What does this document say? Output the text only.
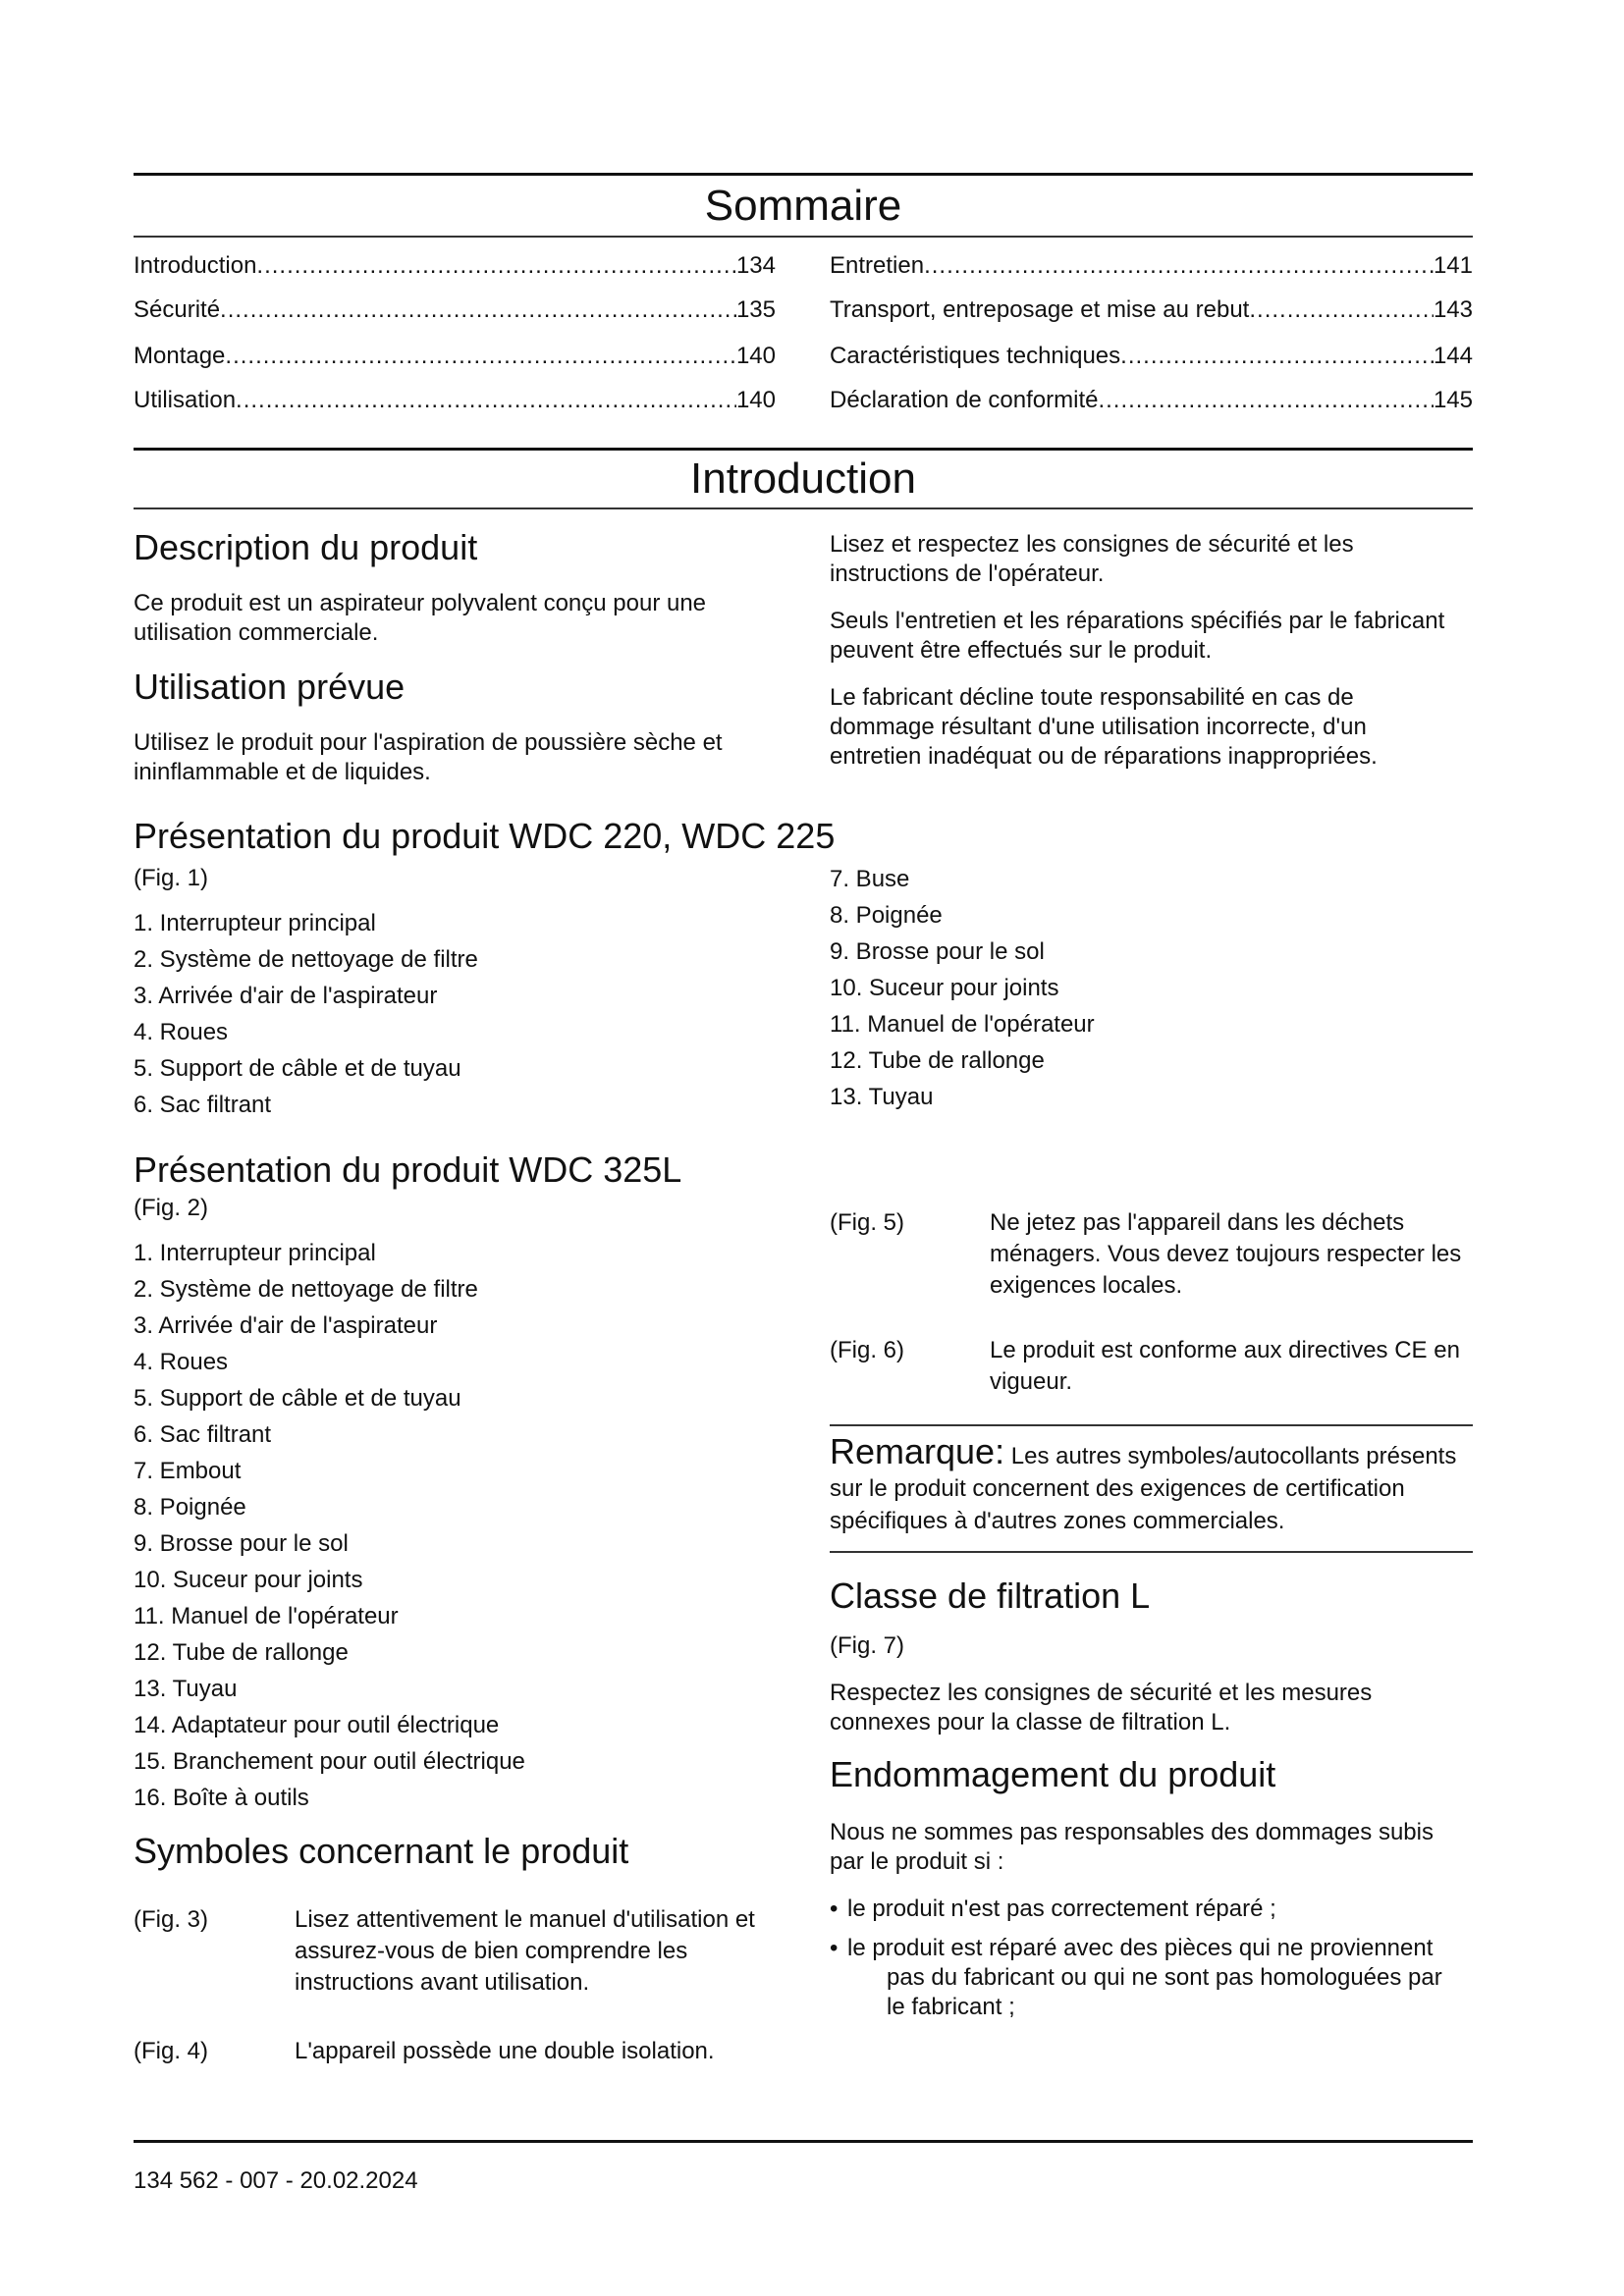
Sommaire
Introduction .....	134
Sécurité .....	135
Montage .....	140
Utilisation .....	140
Entretien .....	141
Transport, entreposage et mise au rebut .....	143
Caractéristiques techniques .....	144
Déclaration de conformité .....	145
Introduction
Description du produit
Ce produit est un aspirateur polyvalent conçu pour une utilisation commerciale.
Utilisation prévue
Utilisez le produit pour l'aspiration de poussière sèche et ininflammable et de liquides.
Lisez et respectez les consignes de sécurité et les instructions de l'opérateur.
Seuls l'entretien et les réparations spécifiés par le fabricant peuvent être effectués sur le produit.
Le fabricant décline toute responsabilité en cas de dommage résultant d'une utilisation incorrecte, d'un entretien inadéquat ou de réparations inappropriées.
Présentation du produit WDC 220, WDC 225
(Fig. 1)
1. Interrupteur principal
2. Système de nettoyage de filtre
3. Arrivée d'air de l'aspirateur
4. Roues
5. Support de câble et de tuyau
6. Sac filtrant
7. Buse
8. Poignée
9. Brosse pour le sol
10. Suceur pour joints
11. Manuel de l'opérateur
12. Tube de rallonge
13. Tuyau
Présentation du produit WDC 325L
(Fig. 2)
1. Interrupteur principal
2. Système de nettoyage de filtre
3. Arrivée d'air de l'aspirateur
4. Roues
5. Support de câble et de tuyau
6. Sac filtrant
7. Embout
8. Poignée
9. Brosse pour le sol
10. Suceur pour joints
11. Manuel de l'opérateur
12. Tube de rallonge
13. Tuyau
14. Adaptateur pour outil électrique
15. Branchement pour outil électrique
16. Boîte à outils
Symboles concernant le produit
(Fig. 3)	Lisez attentivement le manuel d'utilisation et assurez-vous de bien comprendre les instructions avant utilisation.
(Fig. 4)	L'appareil possède une double isolation.
(Fig. 5)	Ne jetez pas l'appareil dans les déchets ménagers. Vous devez toujours respecter les exigences locales.
(Fig. 6)	Le produit est conforme aux directives CE en vigueur.
Remarque: Les autres symboles/autocollants présents sur le produit concernent des exigences de certification spécifiques à d'autres zones commerciales.
Classe de filtration L
(Fig. 7)
Respectez les consignes de sécurité et les mesures connexes pour la classe de filtration L.
Endommagement du produit
Nous ne sommes pas responsables des dommages subis par le produit si :
• le produit n'est pas correctement réparé ;
• le produit est réparé avec des pièces qui ne proviennent pas du fabricant ou qui ne sont pas homologuées par le fabricant ;
134 562 - 007 - 20.02.2024
